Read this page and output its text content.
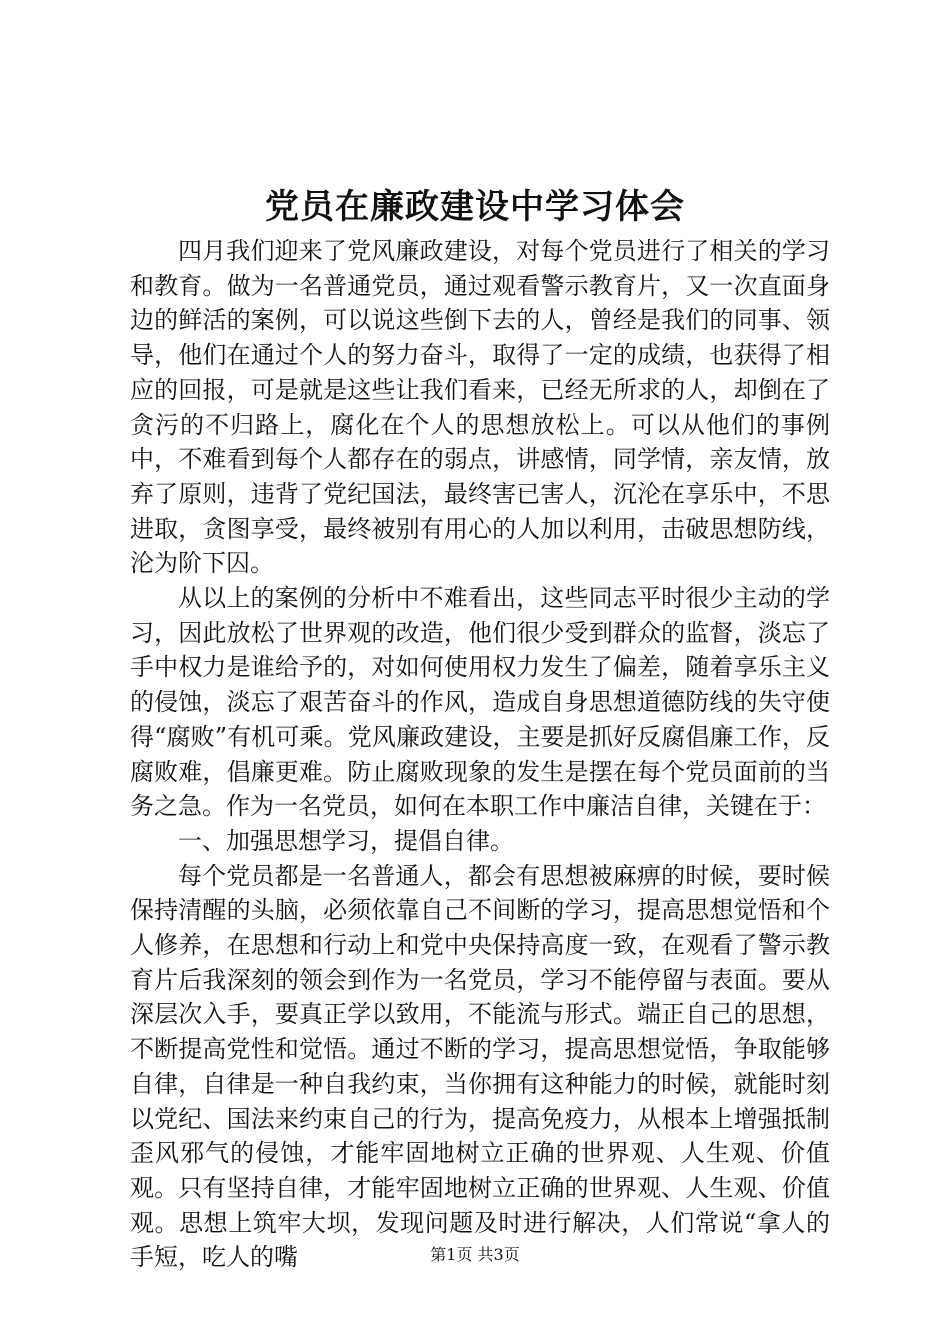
党员在廉政建设中学习体会

四月我们迎来了党风廉政建设，对每个党员进行了相关的学习和教育。做为一名普通党员，通过观看警示教育片，又一次直面身边的鲜活的案例，可以说这些倒下去的人，曾经是我们的同事、领导，他们在通过个人的努力奋斗，取得了一定的成绩，也获得了相应的回报，可是就是这些让我们看来，已经无所求的人，却倒在了贪污的不归路上，腐化在个人的思想放松上。可以从他们的事例中，不难看到每个人都存在的弱点，讲感情，同学情，亲友情，放弃了原则，违背了党纪国法，最终害已害人，沉沦在享乐中，不思进取，贪图享受，最终被别有用心的人加以利用，击破思想防线，沦为阶下囚。

从以上的案例的分析中不难看出，这些同志平时很少主动的学习，因此放松了世界观的改造，他们很少受到群众的监督，淡忘了手中权力是谁给予的，对如何使用权力发生了偏差，随着享乐主义的侵蚀，淡忘了艰苦奋斗的作风，造成自身思想道德防线的失守使得“腐败”有机可乘。党风廉政建设，主要是抓好反腐倡廉工作，反腐败难，倡廉更难。防止腐败现象的发生是摆在每个党员面前的当务之急。作为一名党员，如何在本职工作中廉洁自律，关键在于：

一、加强思想学习，提倡自律。

每个党员都是一名普通人，都会有思想被麻痹的时候，要时候保持清醒的头脑，必须依靠自己不间断的学习，提高思想觉悟和个人修养，在思想和行动上和党中央保持高度一致，在观看了警示教育片后我深刻的领会到作为一名党员，学习不能停留与表面。要从深层次入手，要真正学以致用，不能流与形式。端正自己的思想，不断提高党性和觉悟。通过不断的学习，提高思想觉悟，争取能够自律，自律是一种自我约束，当你拥有这种能力的时候，就能时刻以党纪、国法来约束自己的行为，提高免疫力，从根本上增强抵制歪风邪气的侵蚀，才能牢固地树立正确的世界观、人生观、价值观。只有坚持自律，才能牢固地树立正确的世界观、人生观、价值观。思想上筑牢大坝，发现问题及时进行解决，人们常说“拿人的手短，吃人的嘴	第1页 共3页
